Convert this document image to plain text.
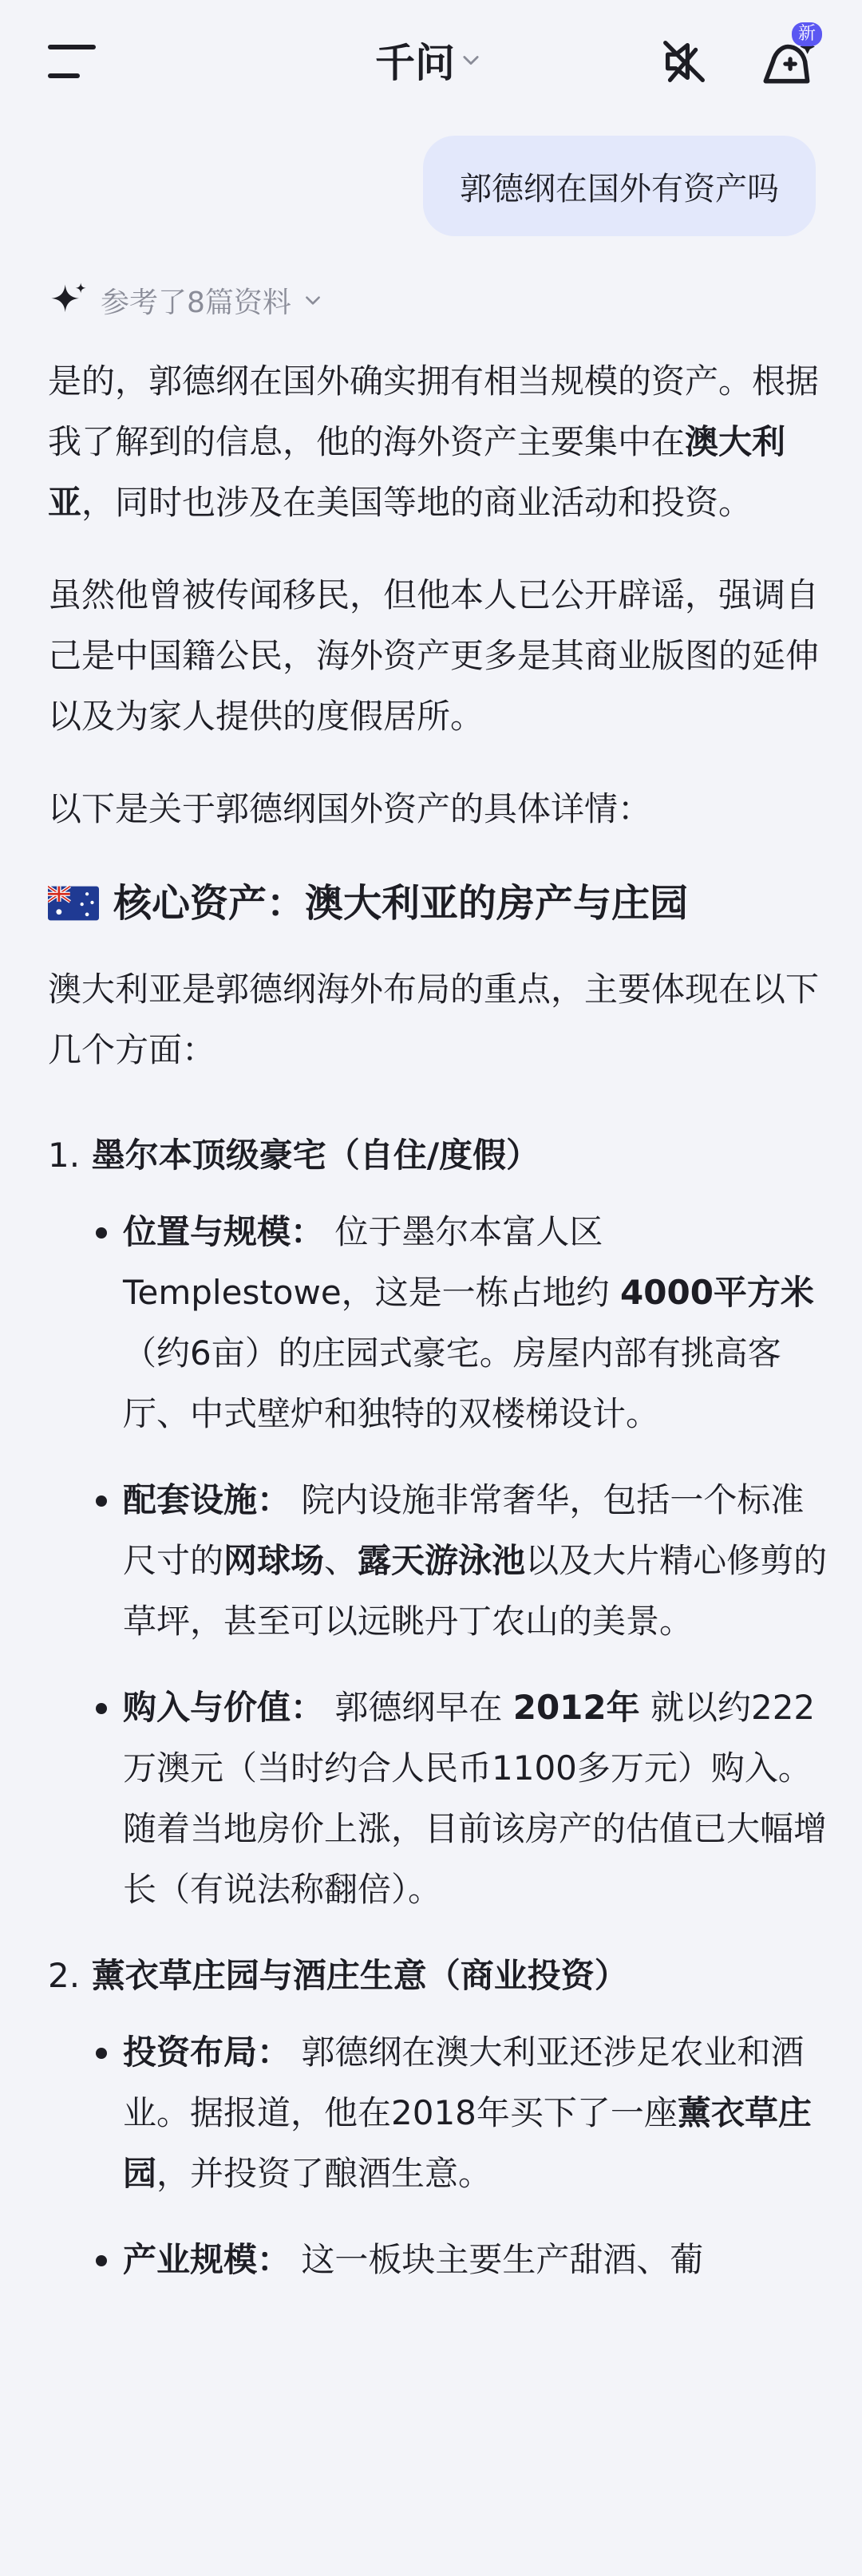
千问
新
郭德纲在国外有资产吗
参考了8篇资料

是的，郭德纲在国外确实拥有相当规模的资产。根据我了解到的信息，他的海外资产主要集中在澳大利亚，同时也涉及在美国等地的商业活动和投资。

虽然他曾被传闻移民，但他本人已公开辟谣，强调自己是中国籍公民，海外资产更多是其商业版图的延伸以及为家人提供的度假居所。

以下是关于郭德纲国外资产的具体详情：

核心资产：澳大利亚的房产与庄园

澳大利亚是郭德纲海外布局的重点，主要体现在以下几个方面：

1. 墨尔本顶级豪宅（自住/度假）
位置与规模： 位于墨尔本富人区 Templestowe，这是一栋占地约 4000平方米（约6亩）的庄园式豪宅。房屋内部有挑高客厅、中式壁炉和独特的双楼梯设计。
配套设施： 院内设施非常奢华，包括一个标准尺寸的网球场、露天游泳池以及大片精心修剪的草坪，甚至可以远眺丹丁农山的美景。
购入与价值： 郭德纲早在 2012年 就以约222万澳元（当时约合人民币1100多万元）购入。随着当地房价上涨，目前该房产的估值已大幅增长（有说法称翻倍）。
2. 薰衣草庄园与酒庄生意（商业投资）
投资布局： 郭德纲在澳大利亚还涉足农业和酒业。据报道，他在2018年买下了一座薰衣草庄园，并投资了酿酒生意。
产业规模： 这一板块主要生产甜酒、葡
